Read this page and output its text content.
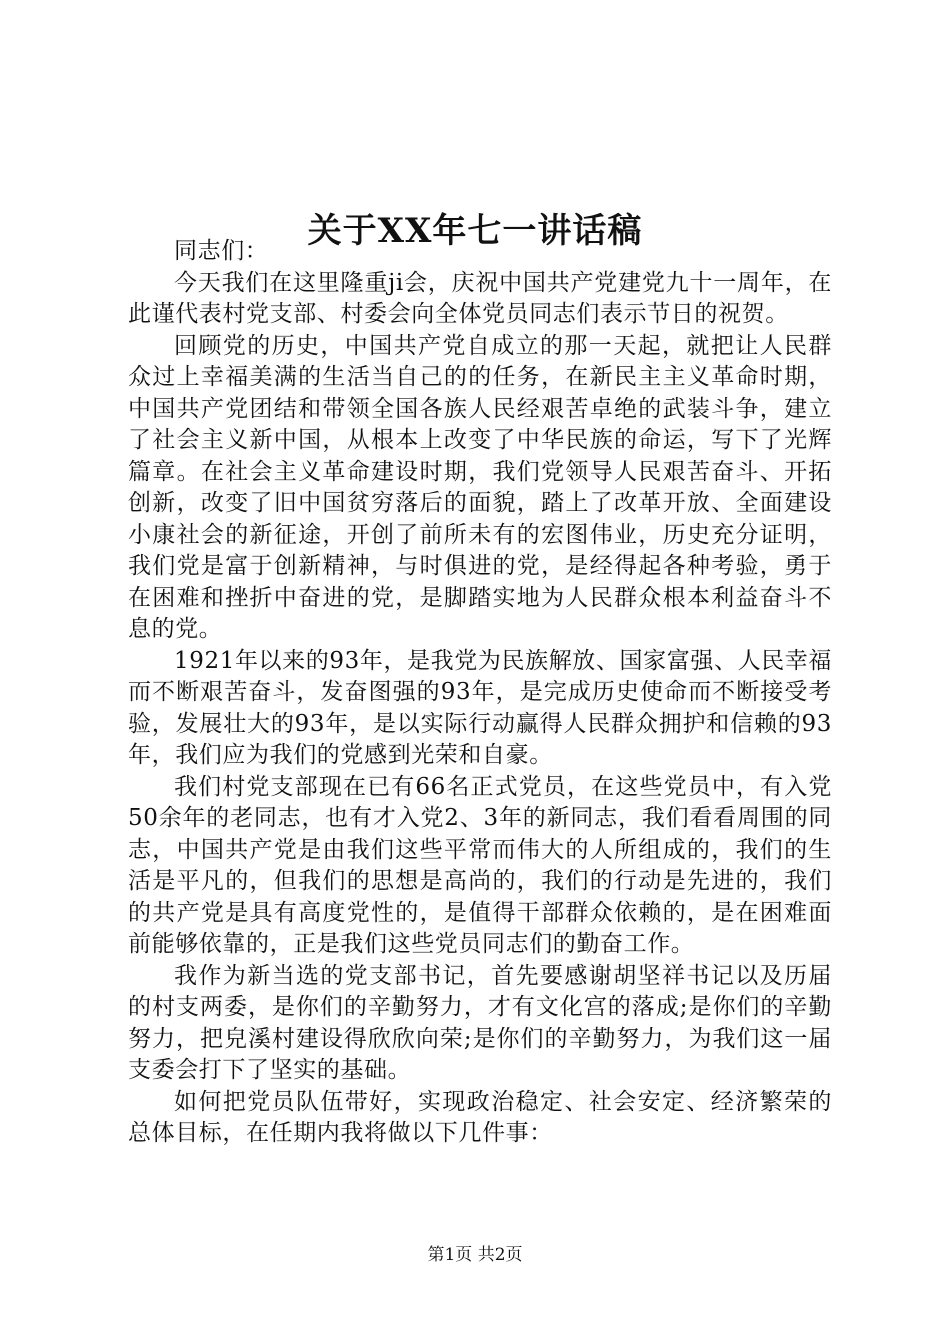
关于XX年七一讲话稿

同志们：

今天我们在这里隆重ji会，庆祝中国共产党建党九十一周年，在此谨代表村党支部、村委会向全体党员同志们表示节日的祝贺。

回顾党的历史，中国共产党自成立的那一天起，就把让人民群众过上幸福美满的生活当自己的的任务，在新民主主义革命时期，中国共产党团结和带领全国各族人民经艰苦卓绝的武装斗争，建立了社会主义新中国，从根本上改变了中华民族的命运，写下了光辉篇章。在社会主义革命建设时期，我们党领导人民艰苦奋斗、开拓创新，改变了旧中国贫穷落后的面貌，踏上了改革开放、全面建设小康社会的新征途，开创了前所未有的宏图伟业，历史充分证明，我们党是富于创新精神，与时俱进的党，是经得起各种考验，勇于在困难和挫折中奋进的党，是脚踏实地为人民群众根本利益奋斗不息的党。

1921年以来的93年，是我党为民族解放、国家富强、人民幸福而不断艰苦奋斗，发奋图强的93年，是完成历史使命而不断接受考验，发展壮大的93年，是以实际行动赢得人民群众拥护和信赖的93年，我们应为我们的党感到光荣和自豪。

我们村党支部现在已有66名正式党员，在这些党员中，有入党50余年的老同志，也有才入党2、3年的新同志，我们看看周围的同志，中国共产党是由我们这些平常而伟大的人所组成的，我们的生活是平凡的，但我们的思想是高尚的，我们的行动是先进的，我们的共产党是具有高度党性的，是值得干部群众依赖的，是在困难面前能够依靠的，正是我们这些党员同志们的勤奋工作。

我作为新当选的党支部书记，首先要感谢胡坚祥书记以及历届的村支两委，是你们的辛勤努力，才有文化宫的落成;是你们的辛勤努力，把皃溪村建设得欣欣向荣;是你们的辛勤努力，为我们这一届支委会打下了坚实的基础。

如何把党员队伍带好，实现政治稳定、社会安定、经济繁荣的总体目标，在任期内我将做以下几件事：

第1页 共2页
